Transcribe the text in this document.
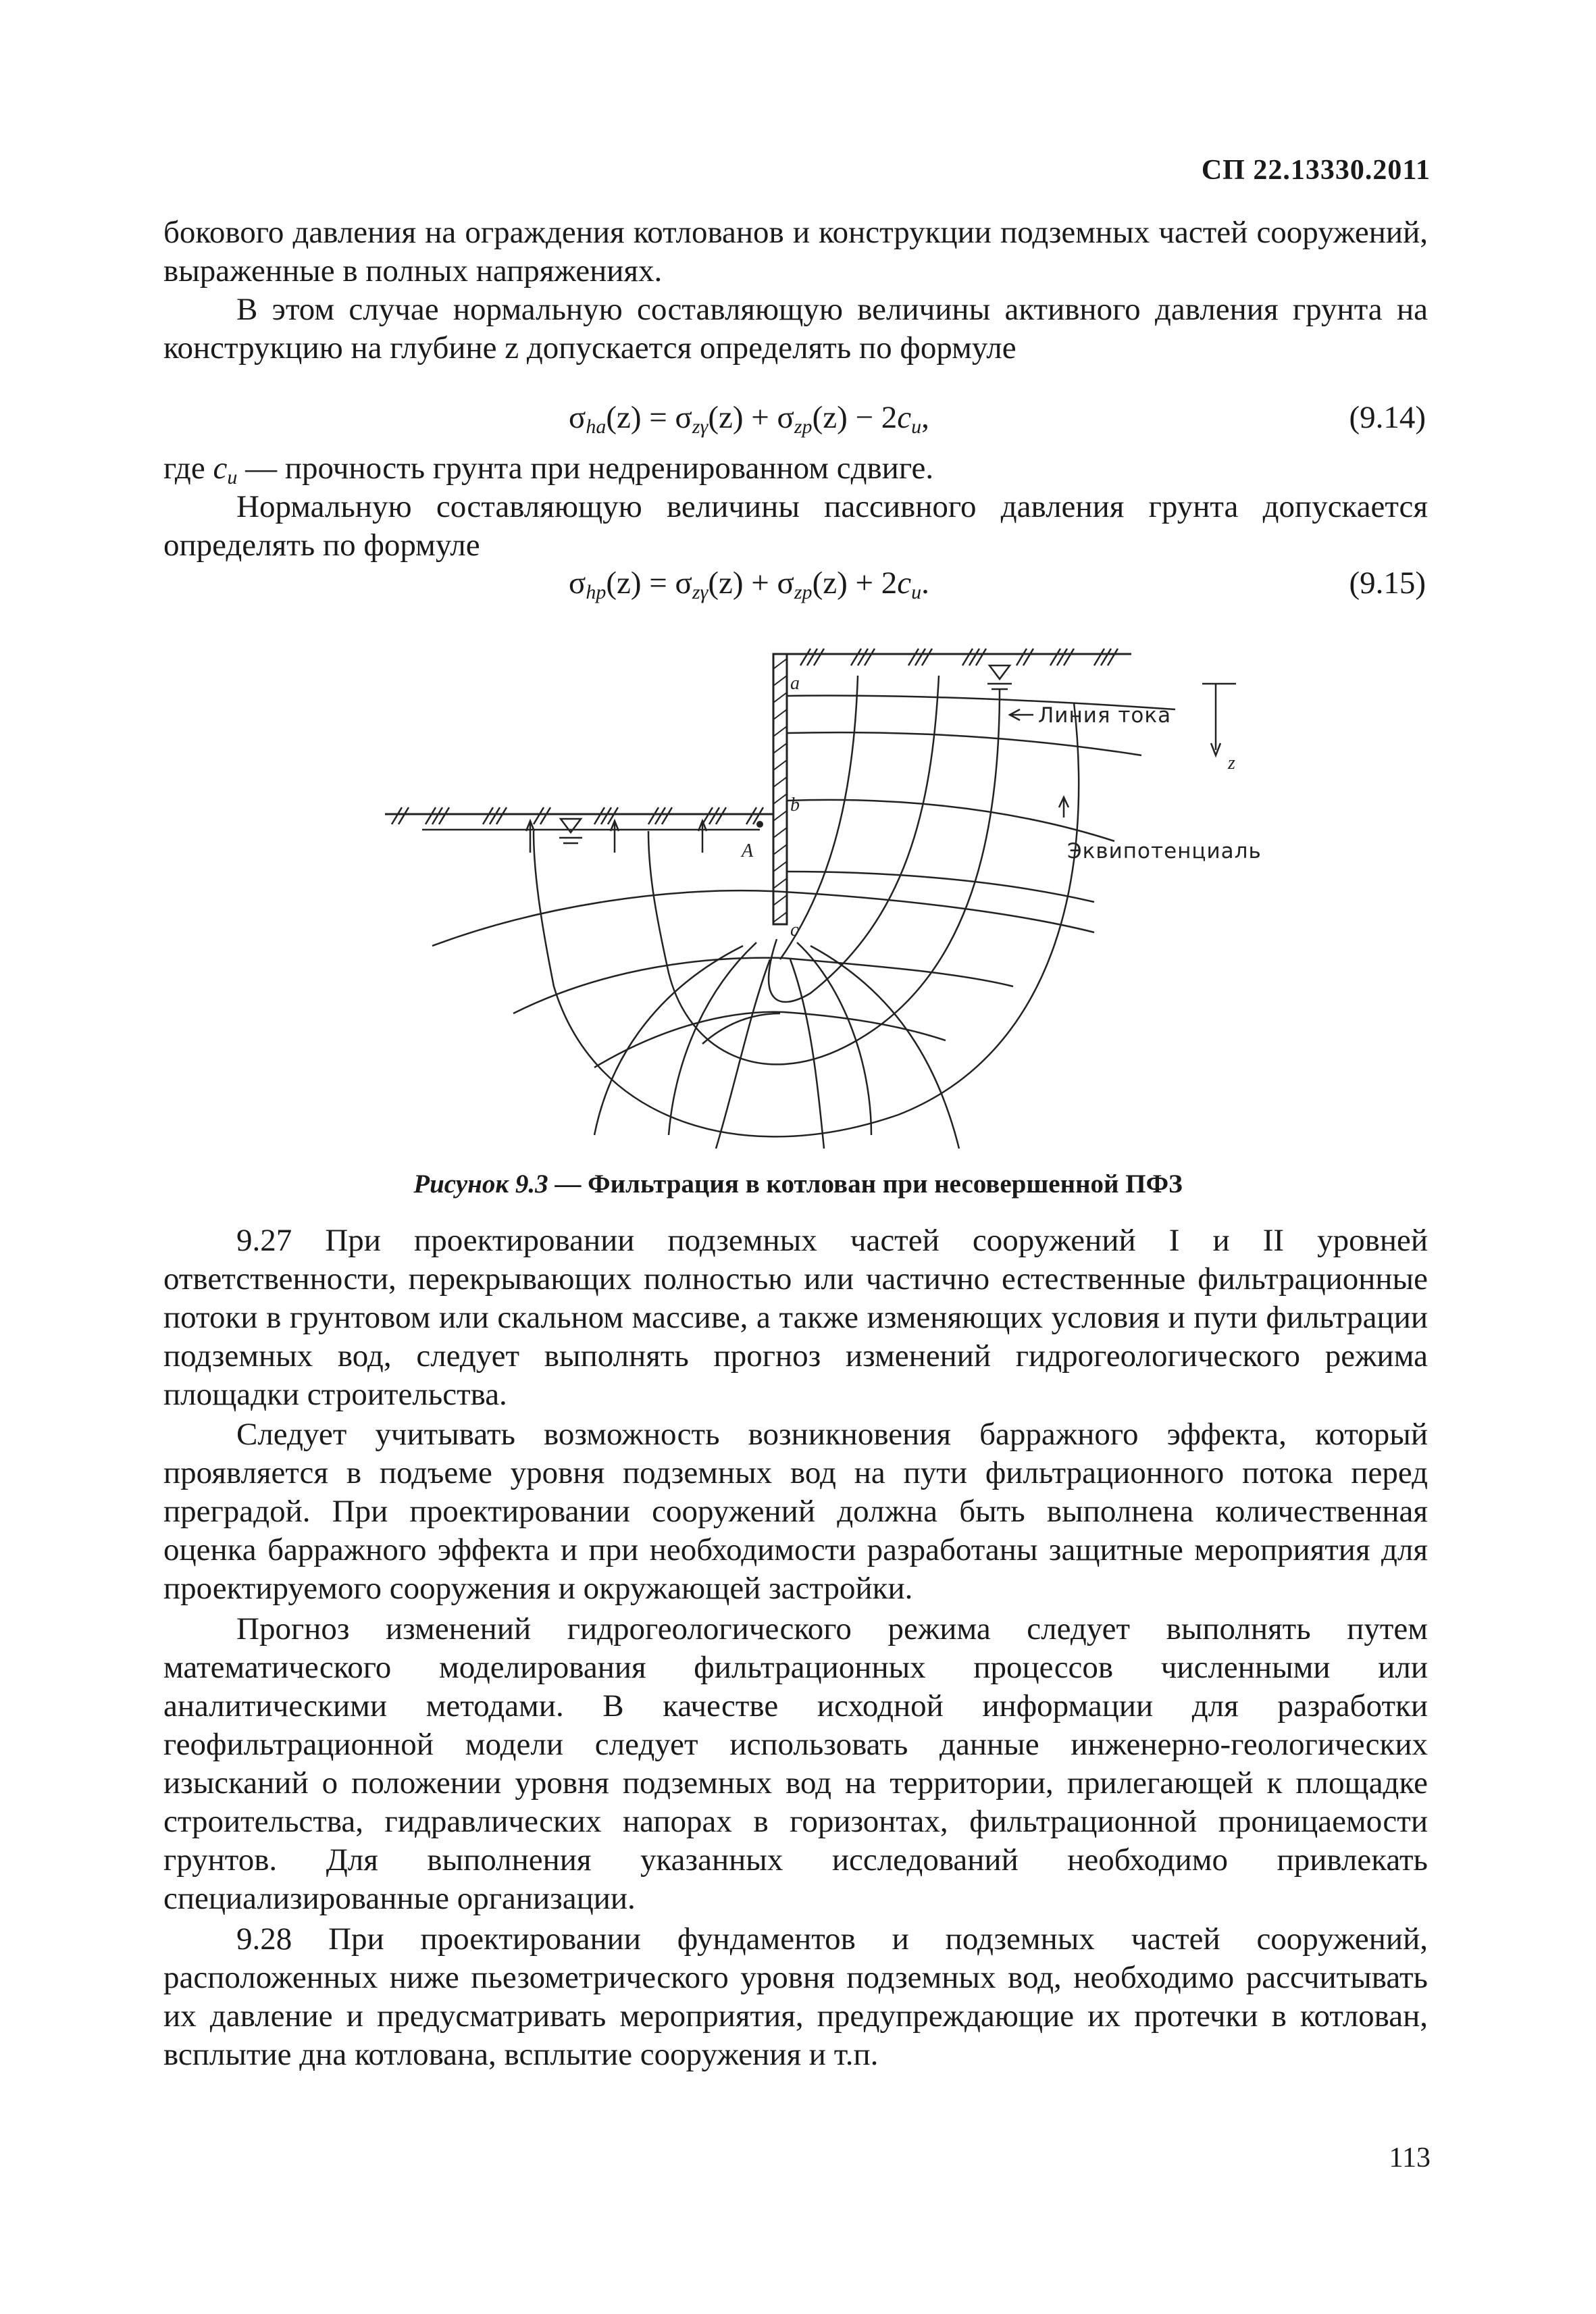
СП 22.13330.2011

бокового давления на ограждения котлованов и конструкции подземных частей сооружений, выраженные в полных напряжениях.

В этом случае нормальную составляющую величины активного давления грунта на конструкцию на глубине z допускается определять по формуле

$\sigma_{ha}(z) = \sigma_{z\gamma}(z) + \sigma_{zp}(z) - 2c_u$,	(9.14)

где $c_u$ — прочность грунта при недренированном сдвиге.

Нормальную составляющую величины пассивного давления грунта допускается определять по формуле

$\sigma_{hp}(z) = \sigma_{z\gamma}(z) + \sigma_{zp}(z) + 2c_u$.	(9.15)
a
b
c
A
z
Линия тока
Эквипотенциаль
Рисунок 9.3 — Фильтрация в котлован при несовершенной ПФЗ

9.27 При проектировании подземных частей сооружений I и II уровней ответственности, перекрывающих полностью или частично естественные фильтрационные потоки в грунтовом или скальном массиве, а также изменяющих условия и пути фильтрации подземных вод, следует выполнять прогноз изменений гидрогеологического режима площадки строительства.

Следует учитывать возможность возникновения барражного эффекта, который проявляется в подъеме уровня подземных вод на пути фильтрационного потока перед преградой. При проектировании сооружений должна быть выполнена количественная оценка барражного эффекта и при необходимости разработаны защитные мероприятия для проектируемого сооружения и окружающей застройки.

Прогноз изменений гидрогеологического режима следует выполнять путем математического моделирования фильтрационных процессов численными или аналитическими методами. В качестве исходной информации для разработки геофильтрационной модели следует использовать данные инженерно-геологических изысканий о положении уровня подземных вод на территории, прилегающей к площадке строительства, гидравлических напорах в горизонтах, фильтрационной проницаемости грунтов. Для выполнения указанных исследований необходимо привлекать специализированные организации.

9.28 При проектировании фундаментов и подземных частей сооружений, расположенных ниже пьезометрического уровня подземных вод, необходимо рассчитывать их давление и предусматривать мероприятия, предупреждающие их протечки в котлован, всплытие дна котлована, всплытие сооружения и т.п.

113
